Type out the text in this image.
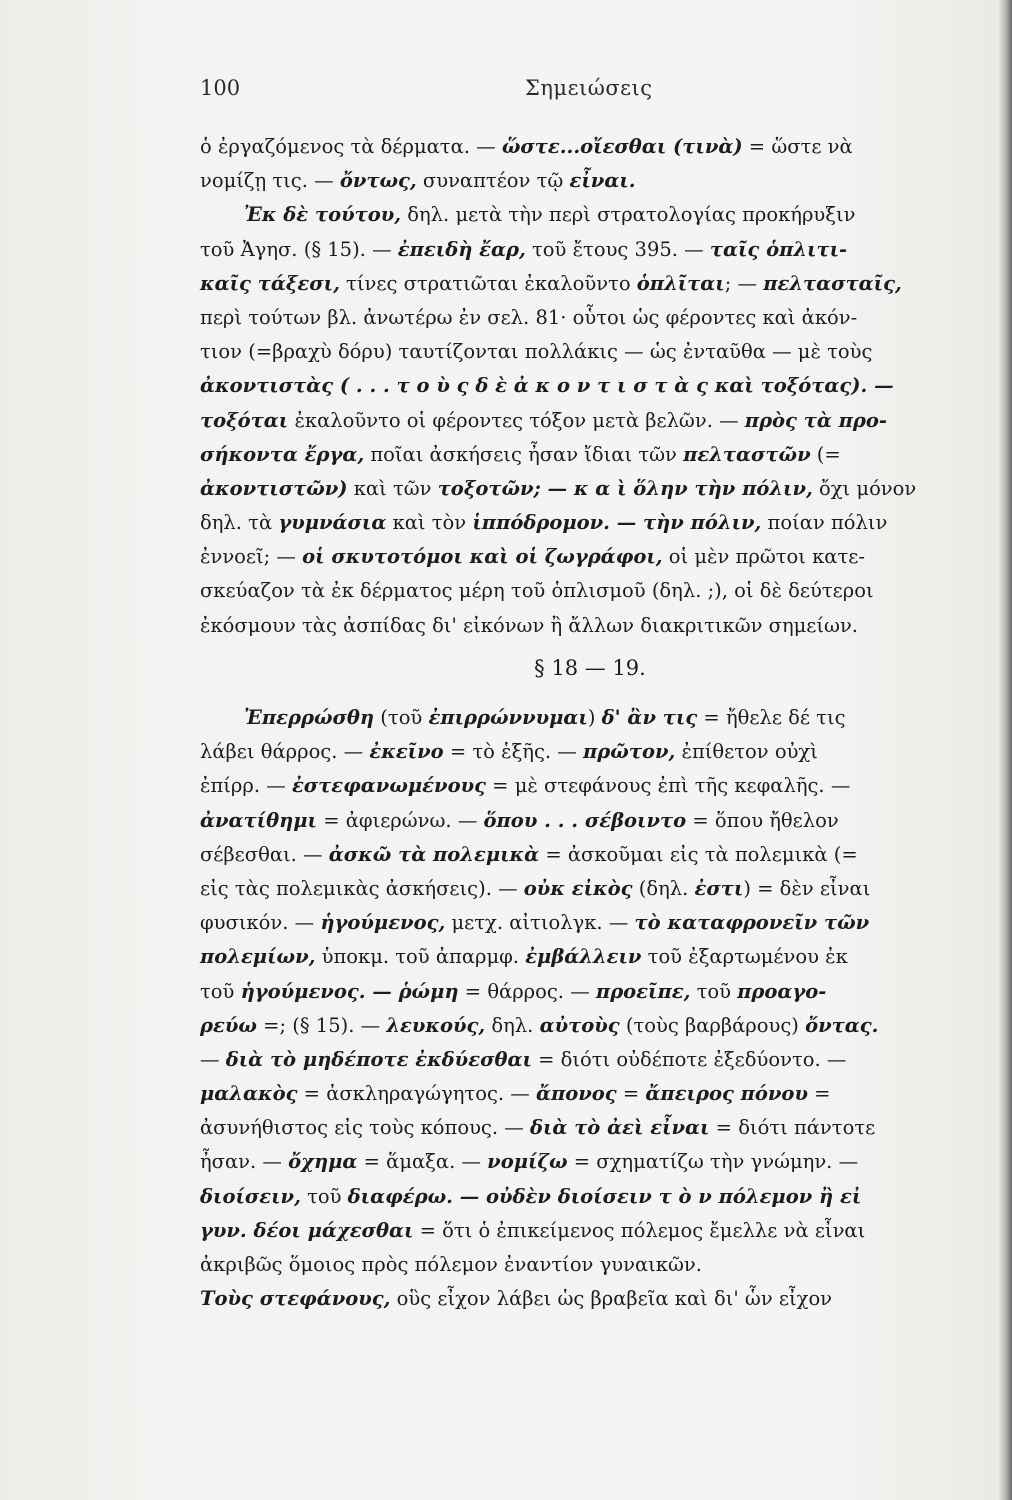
100	Σημειώσεις
ὁ ἐργαζόμενος τὰ δέρματα. — ὥστε...οἴεσθαι (τινὰ) = ὥστε νὰ
νομίζῃ τις. — ὄντως, συναπτέον τῷ εἶναι.
Ἐκ δὲ τούτου, δηλ. μετὰ τὴν περὶ στρατολογίας προκήρυξιν
τοῦ Ἀγησ. (§ 15). — ἐπειδὴ ἔαρ, τοῦ ἔτους 395. — ταῖς ὁπλιτι-
καῖς τάξεσι, τίνες στρατιῶται ἐκαλοῦντο ὁπλῖται; — πελτασταῖς,
περὶ τούτων βλ. ἀνωτέρω ἐν σελ. 81· οὗτοι ὡς φέροντες καὶ ἀκόν-
τιον (=βραχὺ δόρυ) ταυτίζονται πολλάκις — ὡς ἐνταῦθα — μὲ τοὺς
ἀκοντιστὰς ( . . . τ ο ὺ ς δ ὲ ἀ κ ο ν τ ι σ τ ὰ ς καὶ τοξότας). —
τοξόται ἐκαλοῦντο οἱ φέροντες τόξον μετὰ βελῶν. — πρὸς τὰ προ-
σήκοντα ἔργα, ποῖαι ἀσκήσεις ἦσαν ἴδιαι τῶν πελταστῶν (=
ἀκοντιστῶν) καὶ τῶν τοξοτῶν; — κ α ὶ ὅλην τὴν πόλιν, ὄχι μόνον
δηλ. τὰ γυμνάσια καὶ τὸν ἱππόδρομον. — τὴν πόλιν, ποίαν πόλιν
ἐννοεῖ; — οἱ σκυτοτόμοι καὶ οἱ ζωγράφοι, οἱ μὲν πρῶτοι κατε-
σκεύαζον τὰ ἐκ δέρματος μέρη τοῦ ὁπλισμοῦ (δηλ. ;), οἱ δὲ δεύτεροι
ἐκόσμουν τὰς ἀσπίδας δι' εἰκόνων ἢ ἄλλων διακριτικῶν σημείων.
§ 18 — 19.
Ἐπερρώσθη (τοῦ ἐπιρρώννυμαι) δ' ἂν τις = ἤθελε δέ τις
λάβει θάρρος. — ἐκεῖνο = τὸ ἑξῆς. — πρῶτον, ἐπίθετον οὐχὶ
ἐπίρρ. — ἐστεφανωμένους = μὲ στεφάνους ἐπὶ τῆς κεφαλῆς. —
ἀνατίθημι = ἀφιερώνω. — ὅπου . . . σέβοιντο = ὅπου ἤθελον
σέβεσθαι. — ἀσκῶ τὰ πολεμικὰ = ἀσκοῦμαι εἰς τὰ πολεμικὰ (=
εἰς τὰς πολεμικὰς ἀσκήσεις). — οὐκ εἰκὸς (δηλ. ἐστι) = δὲν εἶναι
φυσικόν. — ἡγούμενος, μετχ. αἰτιολγκ. — τὸ καταφρονεῖν τῶν
πολεμίων, ὑποκμ. τοῦ ἀπαρμφ. ἐμβάλλειν τοῦ ἐξαρτωμένου ἐκ
τοῦ ἡγούμενος. — ῥώμη = θάρρος. — προεῖπε, τοῦ προαγο-
ρεύω =; (§ 15). — λευκούς, δηλ. αὐτοὺς (τοὺς βαρβάρους) ὄντας.
— διὰ τὸ μηδέποτε ἐκδύεσθαι = διότι οὐδέποτε ἐξεδύοντο. —
μαλακὸς = ἀσκληραγώγητος. — ἄπονος = ἄπειρος πόνου =
ἀσυνήθιστος εἰς τοὺς κόπους. — διὰ τὸ ἀεὶ εἶναι = διότι πάντοτε
ἦσαν. — ὄχημα = ἅμαξα. — νομίζω = σχηματίζω τὴν γνώμην. —
διοίσειν, τοῦ διαφέρω. — οὐδὲν διοίσειν τ ὸ ν πόλεμον ἢ εἰ
γυν. δέοι μάχεσθαι = ὅτι ὁ ἐπικείμενος πόλεμος ἔμελλε νὰ εἶναι
ἀκριβῶς ὅμοιος πρὸς πόλεμον ἐναντίον γυναικῶν.
Τοὺς στεφάνους, οὓς εἶχον λάβει ὡς βραβεῖα καὶ δι' ὧν εἶχον
